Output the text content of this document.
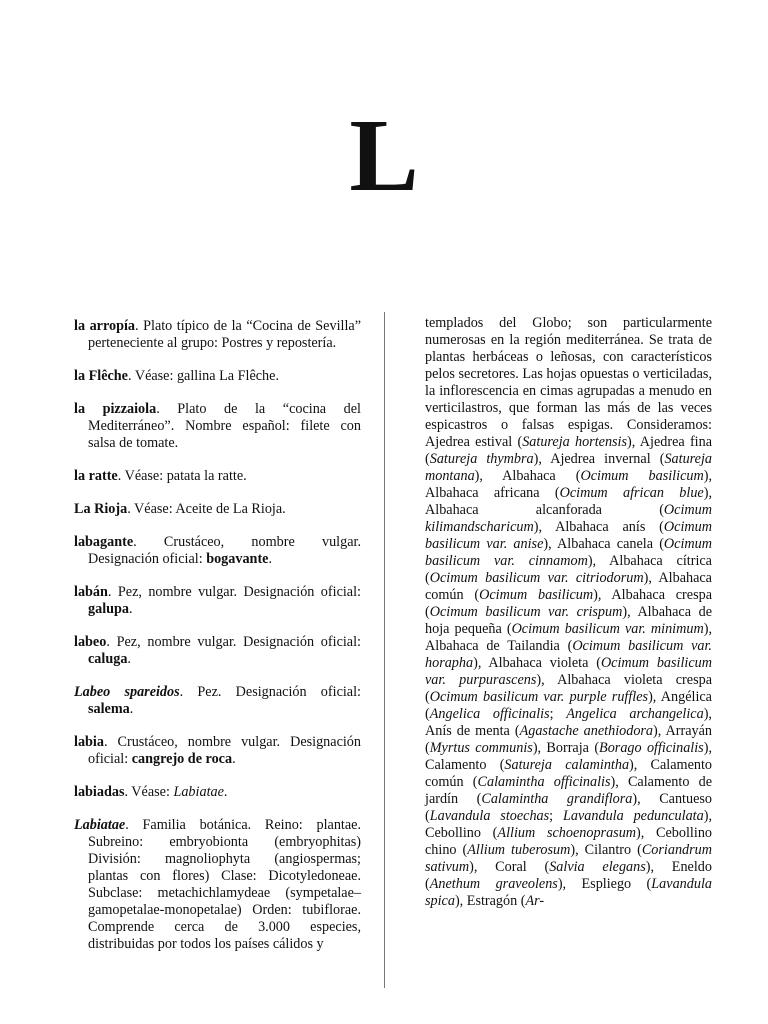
L

la arropía. Plato típico de la “Cocina de Sevilla” perteneciente al grupo: Postres y repostería.

la Flêche. Véase: gallina La Flêche.

la pizzaiola. Plato de la “cocina del Mediterráneo”. Nombre español: filete con salsa de tomate.

la ratte. Véase: patata la ratte.

La Rioja. Véase: Aceite de La Rioja.

labagante. Crustáceo, nombre vulgar. Designación oficial: bogavante.

labán. Pez, nombre vulgar. Designación oficial: galupa.

labeo. Pez, nombre vulgar. Designación oficial: caluga.

Labeo spareidos. Pez. Designación oficial: salema.

labia. Crustáceo, nombre vulgar. Designación oficial: cangrejo de roca.

labiadas. Véase: Labiatae.

Labiatae. Familia botánica. Reino: plantae. Subreino: embryobionta (embryophitas) División: magnoliophyta (angiospermas; plantas con flores) Clase: Dicotyledoneae. Subclase: metachichlamydeae (sympetalae–gamopetalae-monopetalae) Orden: tubiflorae. Comprende cerca de 3.000 especies, distribuidas por todos los países cálidos y

templados del Globo; son particularmente numerosas en la región mediterránea. Se trata de plantas herbáceas o leñosas, con característicos pelos secretores. Las hojas opuestas o verticiladas, la inflorescencia en cimas agrupadas a menudo en verticilastros, que forman las más de las veces espicastros o falsas espigas. Consideramos: Ajedrea estival (Satureja hortensis), Ajedrea fina (Satureja thymbra), Ajedrea invernal (Satureja montana), Albahaca (Ocimum basilicum), Albahaca africana (Ocimum african blue), Albahaca alcanforada (Ocimum kilimandscharicum), Albahaca anís (Ocimum basilicum var. anise), Albahaca canela (Ocimum basilicum var. cinnamom), Albahaca cítrica (Ocimum basilicum var. citriodorum), Albahaca común (Ocimum basilicum), Albahaca crespa (Ocimum basilicum var. crispum), Albahaca de hoja pequeña (Ocimum basilicum var. minimum), Albahaca de Tailandia (Ocimum basilicum var. horapha), Albahaca violeta (Ocimum basilicum var. purpurascens), Albahaca violeta crespa (Ocimum basilicum var. purple ruffles), Angélica (Angelica officinalis; Angelica archangelica), Anís de menta (Agastache anethiodora), Arrayán (Myrtus communis), Borraja (Borago officinalis), Calamento (Satureja calamintha), Calamento común (Calamintha officinalis), Calamento de jardín (Calamintha grandiflora), Cantueso (Lavandula stoechas; Lavandula pedunculata), Cebollino (Allium schoenoprasum), Cebollino chino (Allium tuberosum), Cilantro (Coriandrum sativum), Coral (Salvia elegans), Eneldo (Anethum graveolens), Espliego (Lavandula spica), Estragón (Ar-
